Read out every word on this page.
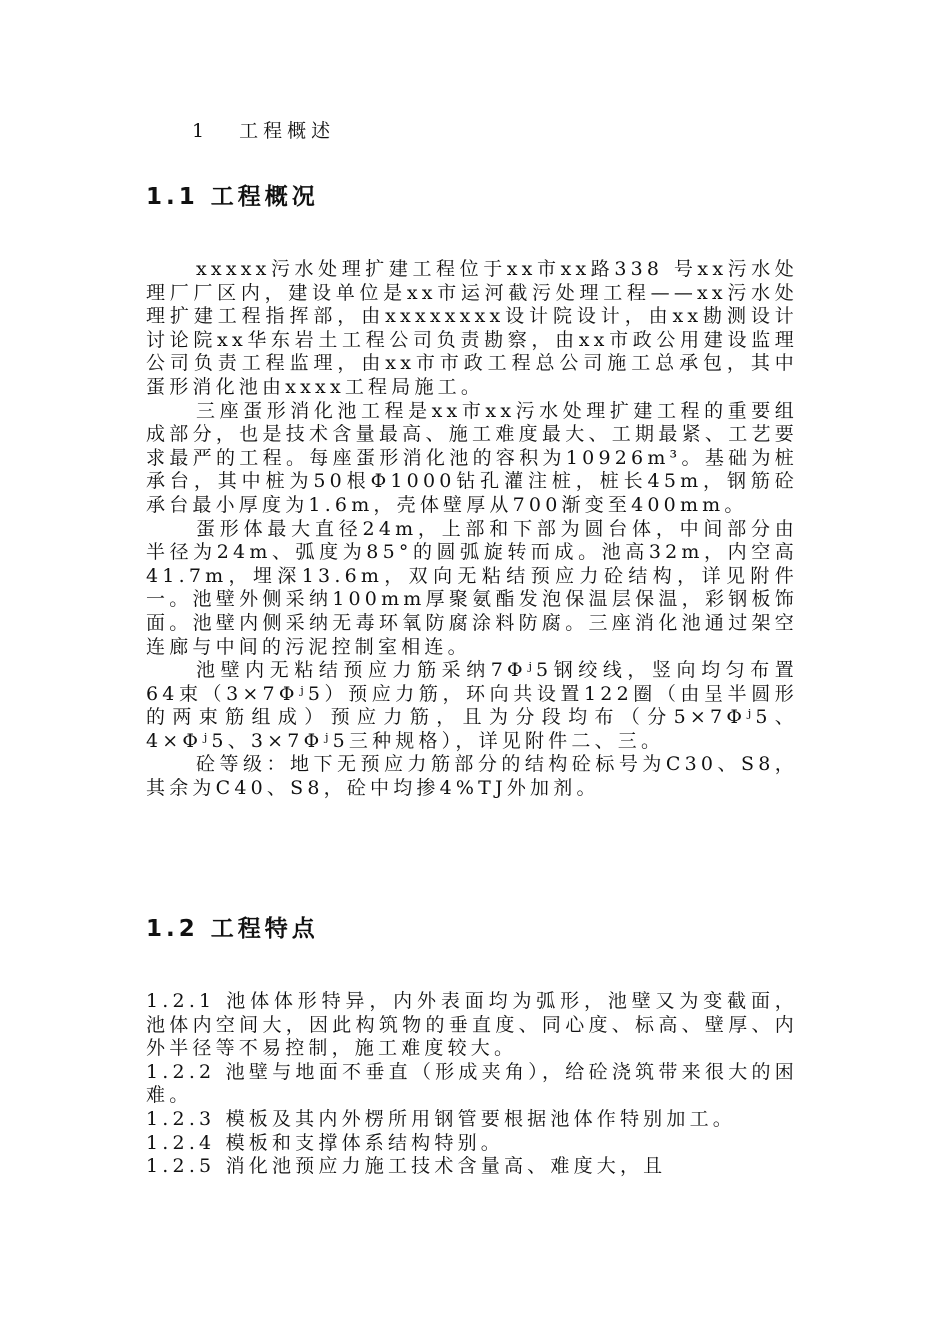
1 工程概述
1.1 工程概况

xxxxx污水处理扩建工程位于xx市xx路338 号xx污水处理厂厂区内，建设单位是xx市运河截污处理工程——xx污水处理扩建工程指挥部，由xxxxxxxx设计院设计，由xx勘测设计讨论院xx华东岩土工程公司负责勘察，由xx市政公用建设监理公司负责工程监理，由xx市市政工程总公司施工总承包，其中蛋形消化池由xxxx工程局施工。

三座蛋形消化池工程是xx市xx污水处理扩建工程的重要组成部分，也是技术含量最高、施工难度最大、工期最紧、工艺要求最严的工程。每座蛋形消化池的容积为10926m³。基础为桩承台，其中桩为50根Φ1000钻孔灌注桩，桩长45m，钢筋砼承台最小厚度为1.6m，壳体壁厚从700渐变至400mm。

蛋形体最大直径24m，上部和下部为圆台体，中间部分由半径为24m、弧度为85°的圆弧旋转而成。池高32m，内空高41.7m，埋深13.6m，双向无粘结预应力砼结构，详见附件一。池壁外侧采纳100mm厚聚氨酯发泡保温层保温，彩钢板饰面。池壁内侧采纳无毒环氧防腐涂料防腐。三座消化池通过架空连廊与中间的污泥控制室相连。

池壁内无粘结预应力筋采纳7Φʲ5钢绞线，竖向均匀布置64束（3×7Φʲ5）预应力筋，环向共设置122圈（由呈半圆形的两束筋组成）预应力筋，且为分段均布（分5×7Φʲ5、4×Φʲ5、3×7Φʲ5三种规格），详见附件二、三。

砼等级：地下无预应力筋部分的结构砼标号为C30、S8，其余为C40、S8，砼中均掺4%TJ外加剂。

1.2 工程特点

1.2.1 池体体形特异，内外表面均为弧形，池壁又为变截面，池体内空间大，因此构筑物的垂直度、同心度、标高、壁厚、内外半径等不易控制，施工难度较大。

1.2.2 池壁与地面不垂直（形成夹角），给砼浇筑带来很大的困难。

1.2.3 模板及其内外楞所用钢管要根据池体作特别加工。

1.2.4 模板和支撑体系结构特别。

1.2.5 消化池预应力施工技术含量高、难度大，且
